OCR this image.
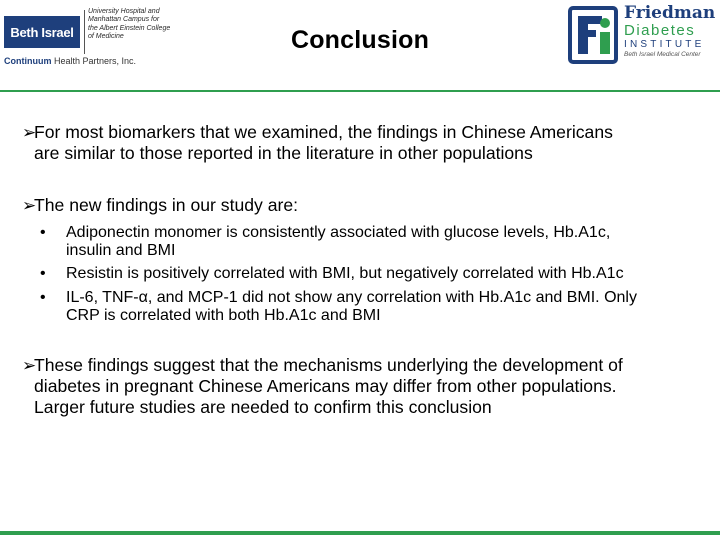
Beth Israel
University Hospital and
Manhattan Campus for
the Albert Einstein College
of Medicine
Continuum Health Partners, Inc.
Conclusion
Friedman
Diabetes
INSTITUTE
Beth Israel Medical Center
➢
For most biomarkers that we examined, the findings in Chinese Americans
are similar to those reported in the literature in other populations
➢
The new findings in our study are:
• Adiponectin monomer is consistently associated with glucose levels, Hb.A1c,
insulin and BMI
• Resistin is positively correlated with BMI, but negatively correlated with Hb.A1c
• IL-6, TNF-α, and MCP-1 did not show any correlation with Hb.A1c and BMI. Only
CRP is correlated with both Hb.A1c and BMI
➢
These findings suggest that the mechanisms underlying the development of
diabetes in pregnant Chinese Americans may differ from other populations.
Larger future studies are needed to confirm this conclusion
